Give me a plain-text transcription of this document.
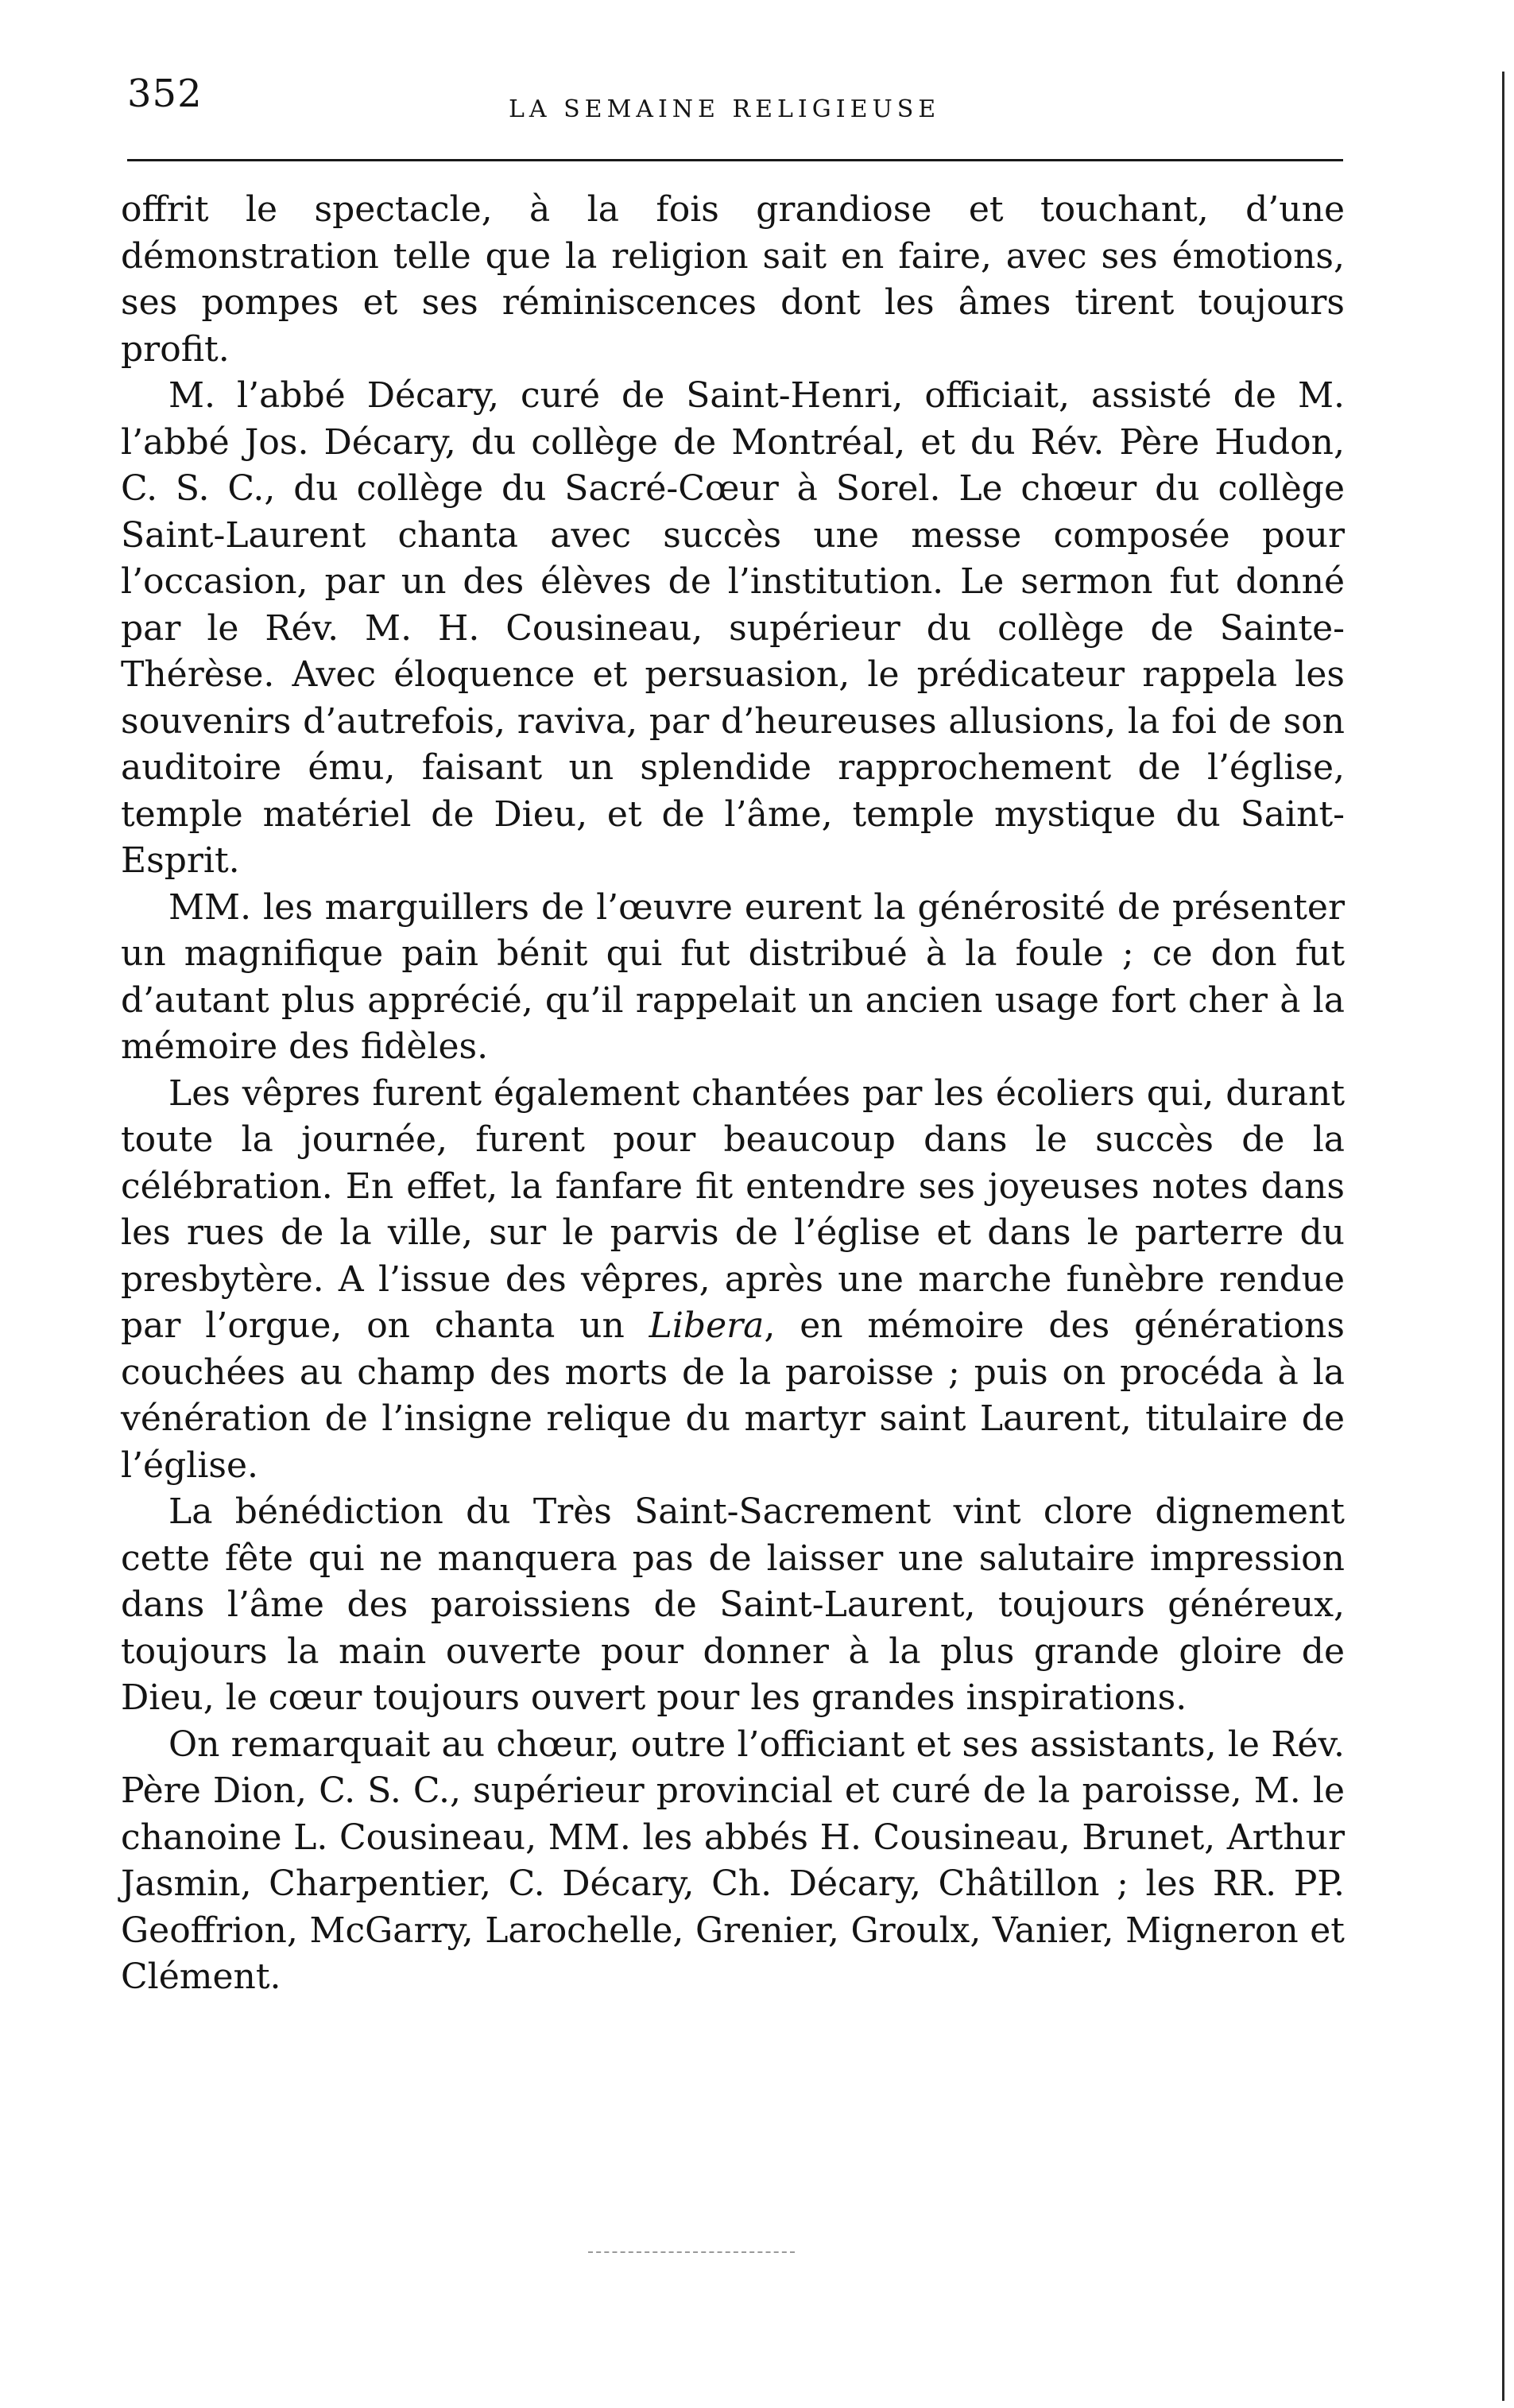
352	LA SEMAINE RELIGIEUSE

offrit le spectacle, à la fois grandiose et touchant, d’une démonstration telle que la religion sait en faire, avec ses émotions, ses pompes et ses réminiscences dont les âmes tirent toujours profit.

M. l’abbé Décary, curé de Saint-Henri, officiait, assisté de M. l’abbé Jos. Décary, du collège de Montréal, et du Rév. Père Hudon, C. S. C., du collège du Sacré-Cœur à Sorel. Le chœur du collège Saint-Laurent chanta avec succès une messe composée pour l’occasion, par un des élèves de l’institution. Le sermon fut donné par le Rév. M. H. Cousineau, supérieur du collège de Sainte-Thérèse. Avec éloquence et persuasion, le prédicateur rappela les souvenirs d’autrefois, raviva, par d’heureuses allusions, la foi de son auditoire ému, faisant un splendide rapprochement de l’église, temple matériel de Dieu, et de l’âme, temple mystique du Saint-Esprit.

MM. les marguillers de l’œuvre eurent la générosité de présenter un magnifique pain bénit qui fut distribué à la foule ; ce don fut d’autant plus apprécié, qu’il rappelait un ancien usage fort cher à la mémoire des fidèles.

Les vêpres furent également chantées par les écoliers qui, durant toute la journée, furent pour beaucoup dans le succès de la célébration. En effet, la fanfare fit entendre ses joyeuses notes dans les rues de la ville, sur le parvis de l’église et dans le parterre du presbytère. A l’issue des vêpres, après une marche funèbre rendue par l’orgue, on chanta un Libera, en mémoire des générations couchées au champ des morts de la paroisse ; puis on procéda à la vénération de l’insigne relique du martyr saint Laurent, titulaire de l’église.

La bénédiction du Très Saint-Sacrement vint clore dignement cette fête qui ne manquera pas de laisser une salutaire impression dans l’âme des paroissiens de Saint-Laurent, toujours généreux, toujours la main ouverte pour donner à la plus grande gloire de Dieu, le cœur toujours ouvert pour les grandes inspirations.

On remarquait au chœur, outre l’officiant et ses assistants, le Rév. Père Dion, C. S. C., supérieur provincial et curé de la paroisse, M. le chanoine L. Cousineau, MM. les abbés H. Cousineau, Brunet, Arthur Jasmin, Charpentier, C. Décary, Ch. Décary, Châtillon ; les RR. PP. Geoffrion, McGarry, Larochelle, Grenier, Groulx, Vanier, Migneron et Clément.
